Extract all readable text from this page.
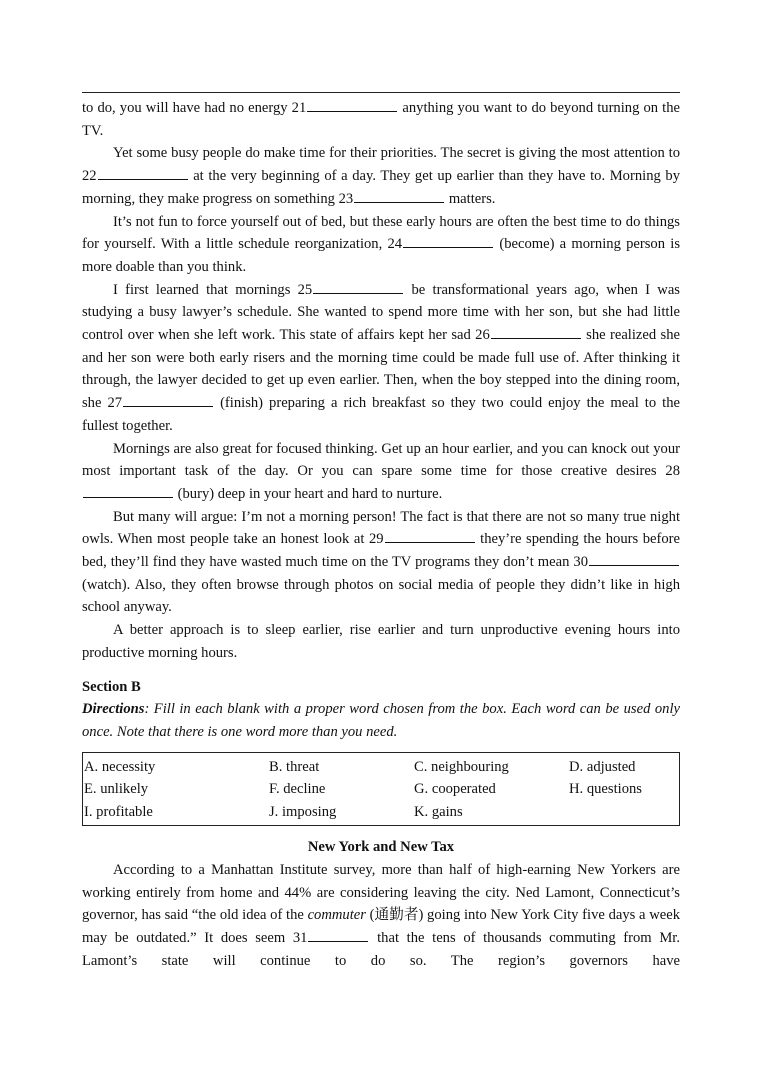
to do, you will have had no energy 21	anything you want to do beyond turning on the TV.

Yet some busy people do make time for their priorities. The secret is giving the most attention to 22	at the very beginning of a day. They get up earlier than they have to. Morning by morning, they make progress on something 23	matters.

It’s not fun to force yourself out of bed, but these early hours are often the best time to do things for yourself. With a little schedule reorganization, 24	(become) a morning person is more doable than you think.

I first learned that mornings 25	be transformational years ago, when I was studying a busy lawyer’s schedule. She wanted to spend more time with her son, but she had little control over when she left work. This state of affairs kept her sad 26	she realized she and her son were both early risers and the morning time could be made full use of. After thinking it through, the lawyer decided to get up even earlier. Then, when the boy stepped into the dining room, she 27	(finish) preparing a rich breakfast so they two could enjoy the meal to the fullest together.

Mornings are also great for focused thinking. Get up an hour earlier, and you can knock out your most important task of the day. Or you can spare some time for those creative desires 28 (bury) deep in your heart and hard to nurture.

But many will argue: I’m not a morning person! The fact is that there are not so many true night owls. When most people take an honest look at 29	they’re spending the hours before bed, they’ll find they have wasted much time on the TV programs they don’t mean 30 (watch). Also, they often browse through photos on social media of people they didn’t like in high school anyway.

A better approach is to sleep earlier, rise earlier and turn unproductive evening hours into productive morning hours.

Section B

Directions: Fill in each blank with a proper word chosen from the box. Each word can be used only once. Note that there is one word more than you need.

A. necessity	B. threat	C. neighbouring	D. adjusted
E. unlikely	F. decline	G. cooperated	H. questions
I. profitable	J. imposing	K. gains

New York and New Tax

According to a Manhattan Institute survey, more than half of high-earning New Yorkers are working entirely from home and 44% are considering leaving the city. Ned Lamont, Connecticut’s governor, has said “the old idea of the commuter (通勤者) going into New York City five days a week may be outdated.” It does seem 31	that the tens of thousands commuting from Mr. Lamont’s state will continue to do so. The region’s governors have
